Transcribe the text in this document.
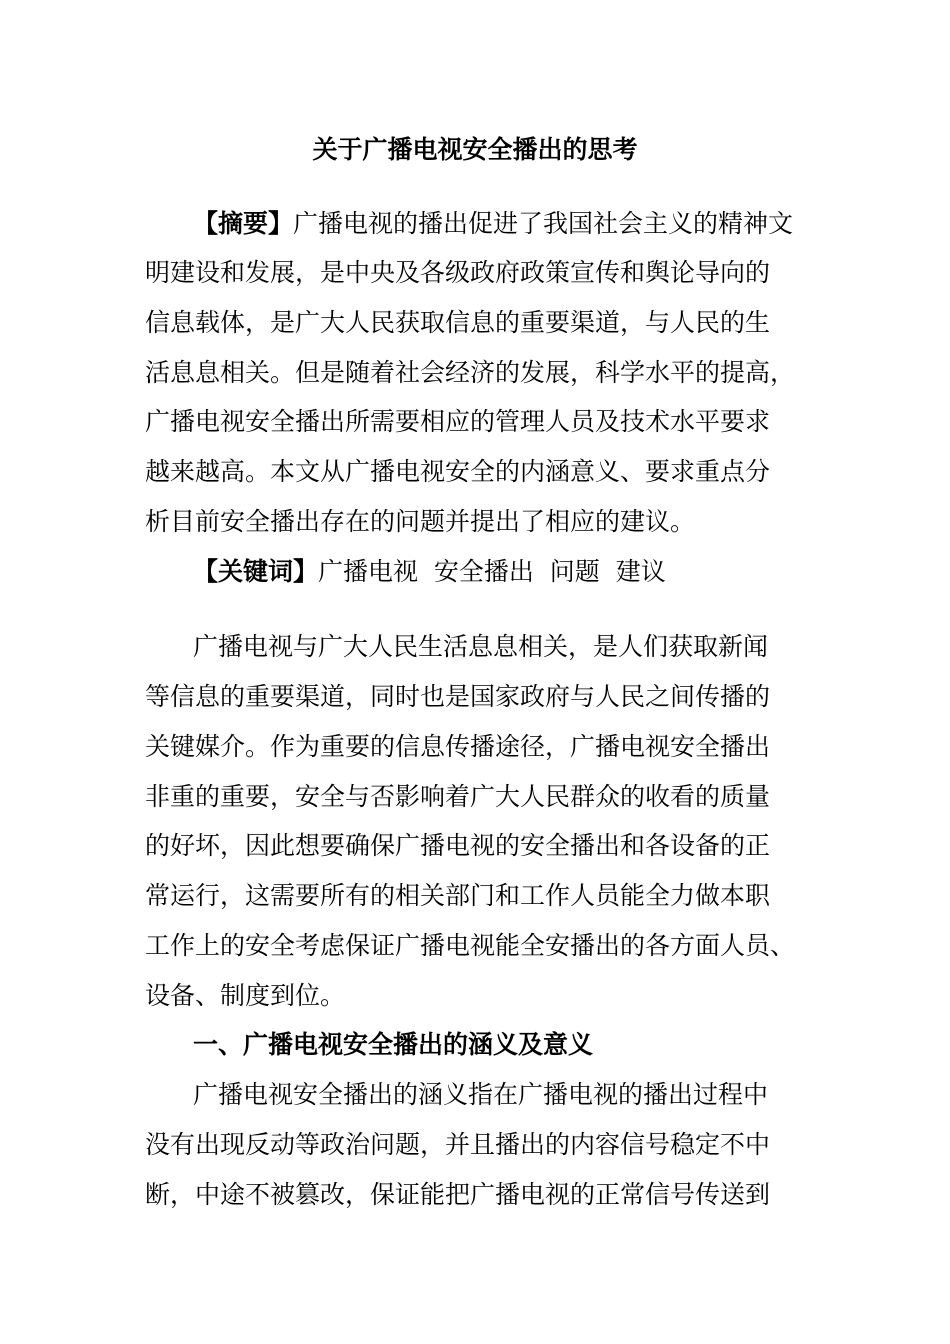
关于广播电视安全播出的思考
【摘要】广播电视的播出促进了我国社会主义的精神文
明建设和发展，是中央及各级政府政策宣传和舆论导向的
信息载体，是广大人民获取信息的重要渠道，与人民的生
活息息相关。但是随着社会经济的发展，科学水平的提高，
广播电视安全播出所需要相应的管理人员及技术水平要求
越来越高。本文从广播电视安全的内涵意义、要求重点分
析目前安全播出存在的问题并提出了相应的建议。
【关键词】广播电视  安全播出  问题  建议
广播电视与广大人民生活息息相关，是人们获取新闻
等信息的重要渠道，同时也是国家政府与人民之间传播的
关键媒介。作为重要的信息传播途径，广播电视安全播出
非重的重要，安全与否影响着广大人民群众的收看的质量
的好坏，因此想要确保广播电视的安全播出和各设备的正
常运行，这需要所有的相关部门和工作人员能全力做本职
工作上的安全考虑保证广播电视能全安播出的各方面人员、
设备、制度到位。
一、广播电视安全播出的涵义及意义
广播电视安全播出的涵义指在广播电视的播出过程中
没有出现反动等政治问题，并且播出的内容信号稳定不中
断，中途不被篡改，保证能把广播电视的正常信号传送到
